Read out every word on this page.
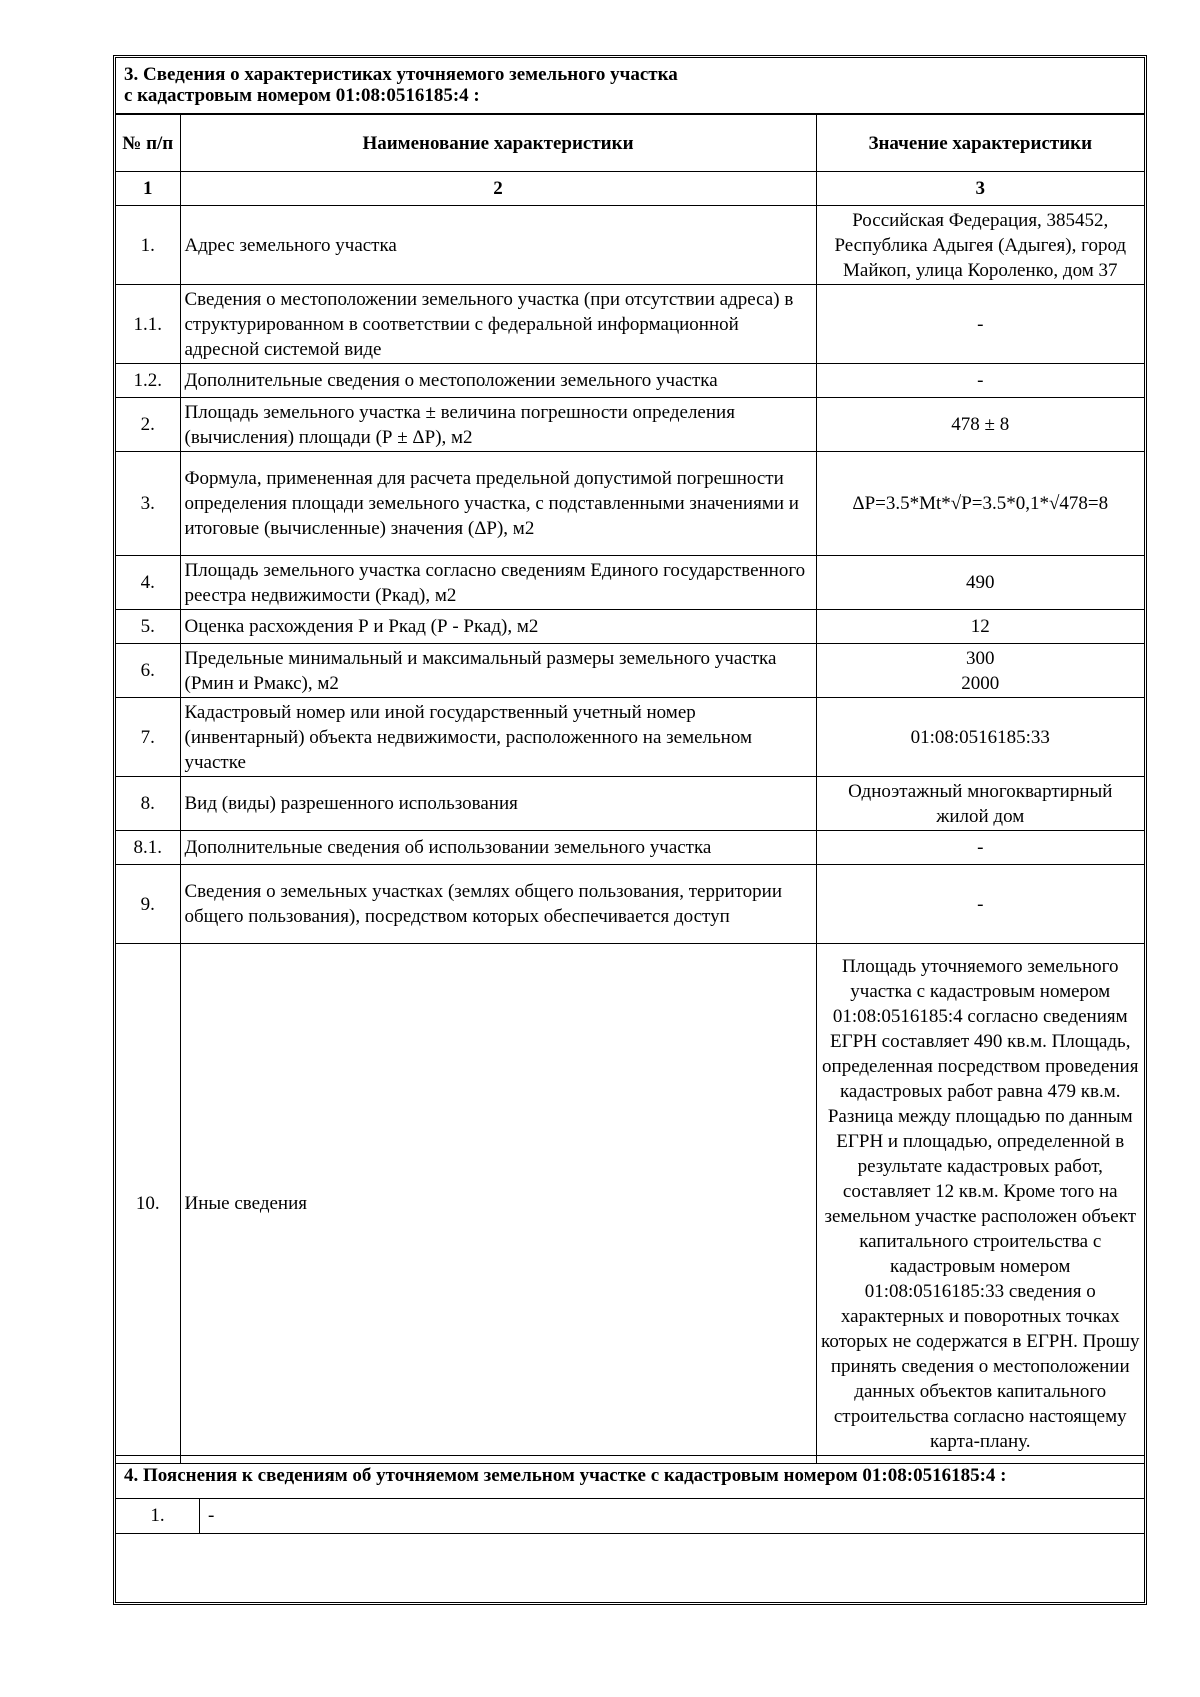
3. Сведения о характеристиках уточняемого земельного участка
с кадастровым номером 01:08:0516185:4 :
№ п/п	Наименование характеристики	Значение характеристики
1	2	3
1.	Адрес земельного участка	Российская Федерация, 385452, Республика Адыгея (Адыгея), город Майкоп, улица Короленко, дом 37
1.1.	Сведения о местоположении земельного участка (при отсутствии адреса) в структурированном в соответствии с федеральной информационной адресной системой виде	-
1.2.	Дополнительные сведения о местоположении земельного участка	-
2.	Площадь земельного участка ± величина погрешности определения (вычисления) площади (Р ± ΔР), м2	478 ± 8
3.	Формула, примененная для расчета предельной допустимой погрешности определения площади земельного участка, с подставленными значениями и итоговые (вычисленные) значения (ΔР), м2	ΔР=3.5*Mt*√P=3.5*0,1*√478=8
4.	Площадь земельного участка согласно сведениям Единого государственного реестра недвижимости (Ркад), м2	490
5.	Оценка расхождения Р и Ркад (Р - Ркад), м2	12
6.	Предельные минимальный и максимальный размеры земельного участка (Рмин и Рмакс), м2	300
2000

7.	Кадастровый номер или иной государственный учетный номер (инвентарный) объекта недвижимости, расположенного на земельном участке	01:08:0516185:33
8.	Вид (виды) разрешенного использования	Одноэтажный многоквартирный жилой дом
8.1.	Дополнительные сведения об использовании земельного участка	-
9.	Сведения о земельных участках (землях общего пользования, территории общего пользования), посредством которых обеспечивается доступ	-
10.	Иные сведения	Площадь уточняемого земельного участка с кадастровым номером 01:08:0516185:4 согласно сведениям ЕГРН составляет 490 кв.м. Площадь, определенная посредством проведения кадастровых работ равна 479 кв.м. Разница между площадью по данным ЕГРН и площадью, определенной в результате кадастровых работ, составляет 12 кв.м. Кроме того на земельном участке расположен объект капитального строительства с кадастровым номером 01:08:0516185:33 сведения о характерных и поворотных точках которых не содержатся в ЕГРН. Прошу принять сведения о местоположении данных объектов капитального строительства согласно настоящему карта-плану.
4. Пояснения к сведениям об уточняемом земельном участке с кадастровым номером 01:08:0516185:4 :
1.	-
